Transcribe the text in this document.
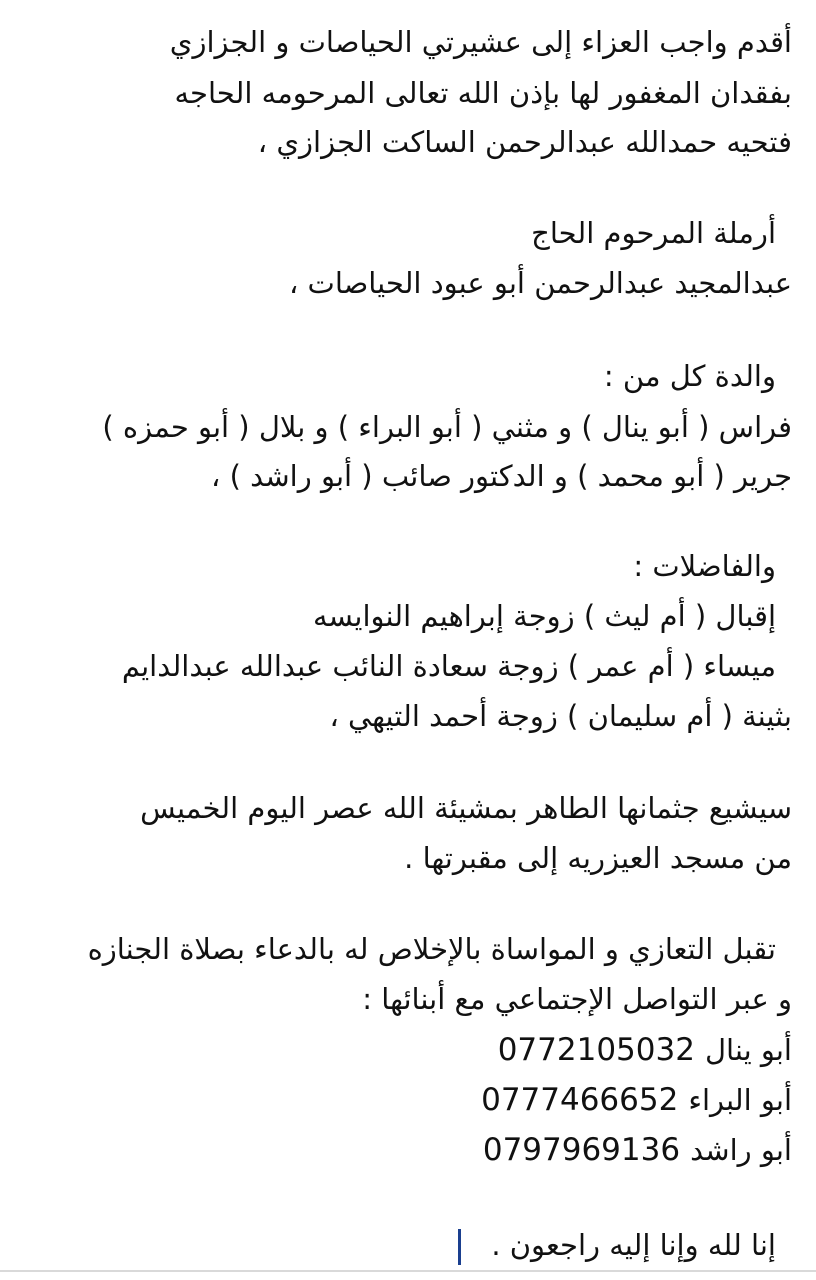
أقدم واجب العزاء إلى عشيرتي الحياصات و الجزازي
بفقدان المغفور لها بإذن الله تعالى المرحومه الحاجه
فتحيه حمدالله عبدالرحمن الساكت الجزازي ،
أرملة المرحوم الحاج
عبدالمجيد عبدالرحمن أبو عبود الحياصات ،
والدة كل من :
فراس ( أبو ينال ) و مثني ( أبو البراء ) و بلال ( أبو حمزه )
جرير ( أبو محمد ) و الدكتور صائب ( أبو راشد ) ،
والفاضلات :
إقبال ( أم ليث ) زوجة إبراهيم النوايسه
ميساء ( أم عمر ) زوجة سعادة النائب عبدالله عبدالدايم
بثينة ( أم سليمان ) زوجة أحمد التيهي ،
سيشيع جثمانها الطاهر بمشيئة الله عصر اليوم الخميس
من مسجد العيزريه إلى مقبرتها .
تقبل التعازي و المواساة بالإخلاص له بالدعاء بصلاة الجنازه
و عبر التواصل الإجتماعي مع أبنائها :
أبو ينال0772105032
أبو البراء0777466652
أبو راشد0797969136
إنا لله وإنا إليه راجعون .
